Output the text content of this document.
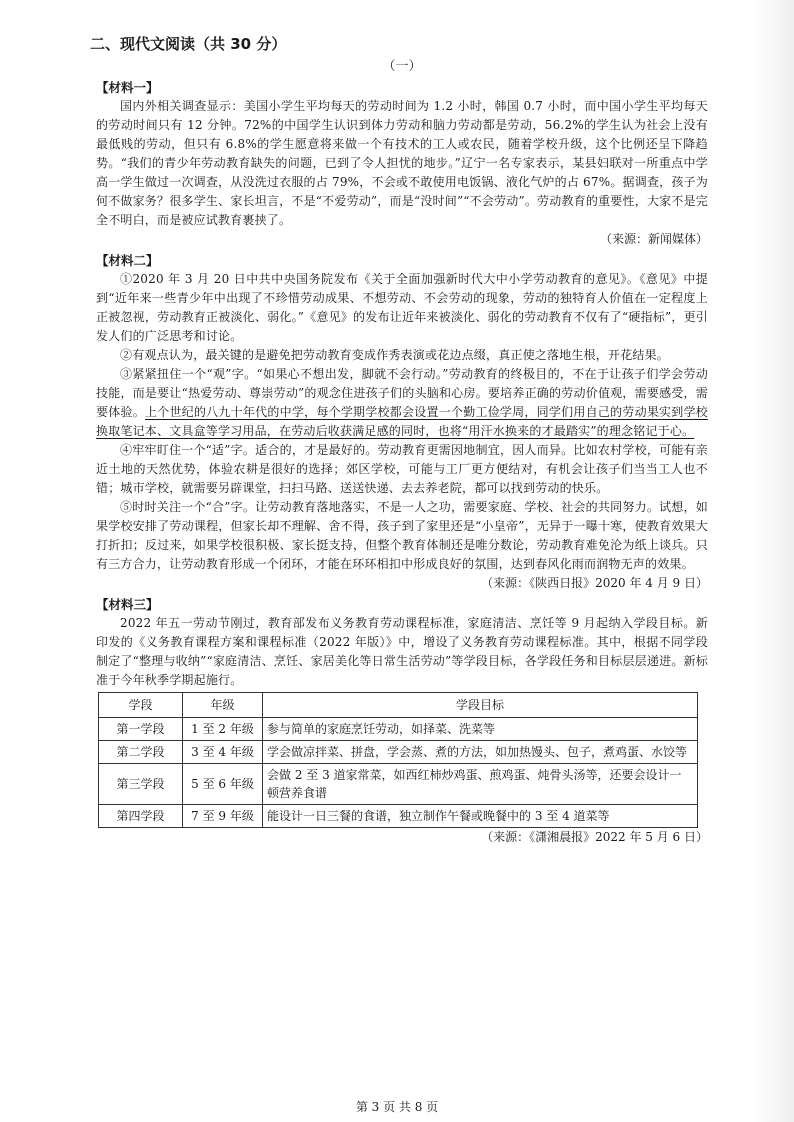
二、现代文阅读（共 30 分）
（一）
【材料一】

国内外相关调查显示：美国小学生平均每天的劳动时间为 1.2 小时，韩国 0.7 小时，而中国小学生平均每天的劳动时间只有 12 分钟。72%的中国学生认识到体力劳动和脑力劳动都是劳动，56.2%的学生认为社会上没有最低贱的劳动，但只有 6.8%的学生愿意将来做一个有技术的工人或农民，随着学校升级，这个比例还呈下降趋势。“我们的青少年劳动教育缺失的问题，已到了令人担忧的地步。”辽宁一名专家表示，某县妇联对一所重点中学高一学生做过一次调查，从没洗过衣服的占 79%，不会或不敢使用电饭锅、液化气炉的占 67%。据调查，孩子为何不做家务？很多学生、家长坦言，不是“不爱劳动”，而是“没时间”“不会劳动”。劳动教育的重要性，大家不是完全不明白，而是被应试教育裹挟了。

（来源：新闻媒体）
【材料二】

①2020 年 3 月 20 日中共中央国务院发布《关于全面加强新时代大中小学劳动教育的意见》。《意见》中提到“近年来一些青少年中出现了不珍惜劳动成果、不想劳动、不会劳动的现象，劳动的独特育人价值在一定程度上正被忽视，劳动教育正被淡化、弱化。”《意见》的发布让近年来被淡化、弱化的劳动教育不仅有了“硬指标”，更引发人们的广泛思考和讨论。

②有观点认为，最关键的是避免把劳动教育变成作秀表演或花边点缀，真正使之落地生根，开花结果。

③紧紧扭住一个“观”字。“如果心不想出发，脚就不会行动。”劳动教育的终极目的，不在于让孩子们学会劳动技能，而是要让“热爱劳动、尊崇劳动”的观念住进孩子们的头脑和心房。要培养正确的劳动价值观，需要感受，需要体验。上个世纪的八九十年代的中学，每个学期学校都会设置一个勤工俭学周，同学们用自己的劳动果实到学校换取笔记本、文具盒等学习用品，在劳动后收获满足感的同时，也将“用汗水换来的才最踏实”的理念铭记于心。

④牢牢盯住一个“适”字。适合的，才是最好的。劳动教育更需因地制宜，因人而异。比如农村学校，可能有亲近土地的天然优势，体验农耕是很好的选择；郊区学校，可能与工厂更方便结对，有机会让孩子们当当工人也不错；城市学校，就需要另辟课堂，扫扫马路、送送快递、去去养老院，都可以找到劳动的快乐。

⑤时时关注一个“合”字。让劳动教育落地落实，不是一人之功，需要家庭、学校、社会的共同努力。试想，如果学校安排了劳动课程，但家长却不理解、舍不得，孩子到了家里还是“小皇帝”，无异于一曝十寒，使教育效果大打折扣；反过来，如果学校很积极、家长挺支持，但整个教育体制还是唯分数论，劳动教育难免沦为纸上谈兵。只有三方合力，让劳动教育形成一个闭环，才能在环环相扣中形成良好的氛围，达到春风化雨而润物无声的效果。

（来源：《陕西日报》2020 年 4 月 9 日）
【材料三】

2022 年五一劳动节刚过，教育部发布义务教育劳动课程标准，家庭清洁、烹饪等 9 月起纳入学段目标。新印发的《义务教育课程方案和课程标准（2022 年版）》中，增设了义务教育劳动课程标准。其中，根据不同学段制定了“整理与收纳”“家庭清洁、烹饪、家居美化等日常生活劳动”等学段目标，各学段任务和目标层层递进。新标准于今年秋季学期起施行。

学段	年级	学段目标
第一学段	1 至 2 年级	参与简单的家庭烹饪劳动，如择菜、洗菜等
第二学段	3 至 4 年级	学会做凉拌菜、拼盘，学会蒸、煮的方法，如加热馒头、包子，煮鸡蛋、水饺等
第三学段	5 至 6 年级	会做 2 至 3 道家常菜，如西红柿炒鸡蛋、煎鸡蛋、炖骨头汤等，还要会设计一顿营养食谱
第四学段	7 至 9 年级	能设计一日三餐的食谱，独立制作午餐或晚餐中的 3 至 4 道菜等
（来源：《潇湘晨报》2022 年 5 月 6 日）
第 3 页 共 8 页
